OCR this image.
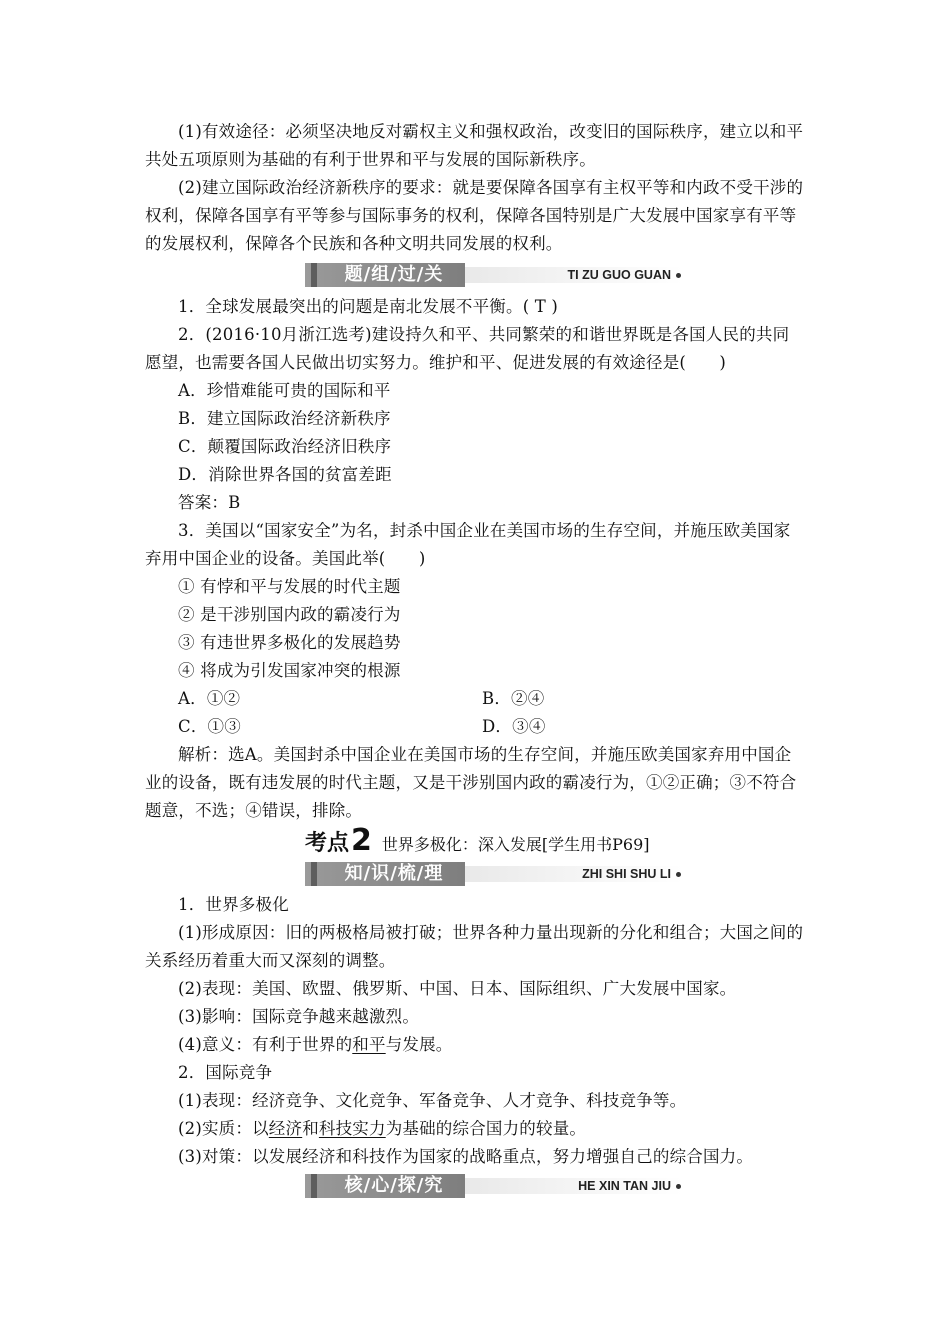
(1)有效途径：必须坚决地反对霸权主义和强权政治，改变旧的国际秩序，建立以和平
共处五项原则为基础的有利于世界和平与发展的国际新秩序。
(2)建立国际政治经济新秩序的要求：就是要保障各国享有主权平等和内政不受干涉的
权利，保障各国享有平等参与国际事务的权利，保障各国特别是广大发展中国家享有平等
的发展权利，保障各个民族和各种文明共同发展的权利。
题/组/过/关	TI ZU GUO GUAN
1．全球发展最突出的问题是南北发展不平衡。( T )
2．(2016·10月浙江选考)建设持久和平、共同繁荣的和谐世界既是各国人民的共同
愿望，也需要各国人民做出切实努力。维护和平、促进发展的有效途径是(　　)
A．珍惜难能可贵的国际和平
B．建立国际政治经济新秩序
C．颠覆国际政治经济旧秩序
D．消除世界各国的贫富差距
答案：B
3．美国以“国家安全”为名，封杀中国企业在美国市场的生存空间，并施压欧美国家
弃用中国企业的设备。美国此举(　　)
① 有悖和平与发展的时代主题
② 是干涉别国内政的霸凌行为
③ 有违世界多极化的发展趋势
④ 将成为引发国家冲突的根源
A．①②	B．②④
C．①③	D．③④
解析：选A。美国封杀中国企业在美国市场的生存空间，并施压欧美国家弃用中国企
业的设备，既有违发展的时代主题，又是干涉别国内政的霸凌行为，①②正确；③不符合
题意，不选；④错误，排除。
考点2 世界多极化：深入发展[学生用书P69]
知/识/梳/理	ZHI SHI SHU LI
1．世界多极化
(1)形成原因：旧的两极格局被打破；世界各种力量出现新的分化和组合；大国之间的
关系经历着重大而又深刻的调整。
(2)表现：美国、欧盟、俄罗斯、中国、日本、国际组织、广大发展中国家。
(3)影响：国际竞争越来越激烈。
(4)意义：有利于世界的和平与发展。
2．国际竞争
(1)表现：经济竞争、文化竞争、军备竞争、人才竞争、科技竞争等。
(2)实质：以经济和科技实力为基础的综合国力的较量。
(3)对策：以发展经济和科技作为国家的战略重点，努力增强自己的综合国力。
核/心/探/究	HE XIN TAN JIU
